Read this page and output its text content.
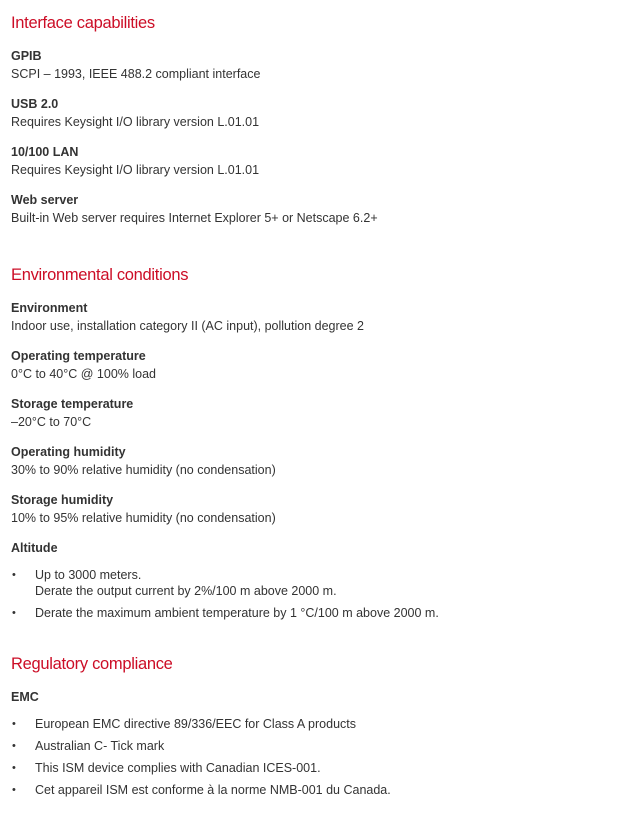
Interface capabilities
GPIB
SCPI – 1993, IEEE 488.2 compliant interface
USB 2.0
Requires Keysight I/O library version L.01.01
10/100 LAN
Requires Keysight I/O library version L.01.01
Web server
Built-in Web server requires Internet Explorer 5+ or Netscape 6.2+
Environmental conditions
Environment
Indoor use, installation category II (AC input), pollution degree 2
Operating temperature
0°C to 40°C @ 100% load
Storage temperature
–20°C to 70°C
Operating humidity
30% to 90% relative humidity (no condensation)
Storage humidity
10% to 95% relative humidity (no condensation)
Altitude
• Up to 3000 meters.
Derate the output current by 2%/100 m above 2000 m.
• Derate the maximum ambient temperature by 1 °C/100 m above 2000 m.
Regulatory compliance
EMC
• European EMC directive 89/336/EEC for Class A products
• Australian C- Tick mark
• This ISM device complies with Canadian ICES-001.
• Cet appareil ISM est conforme à la norme NMB-001 du Canada.
